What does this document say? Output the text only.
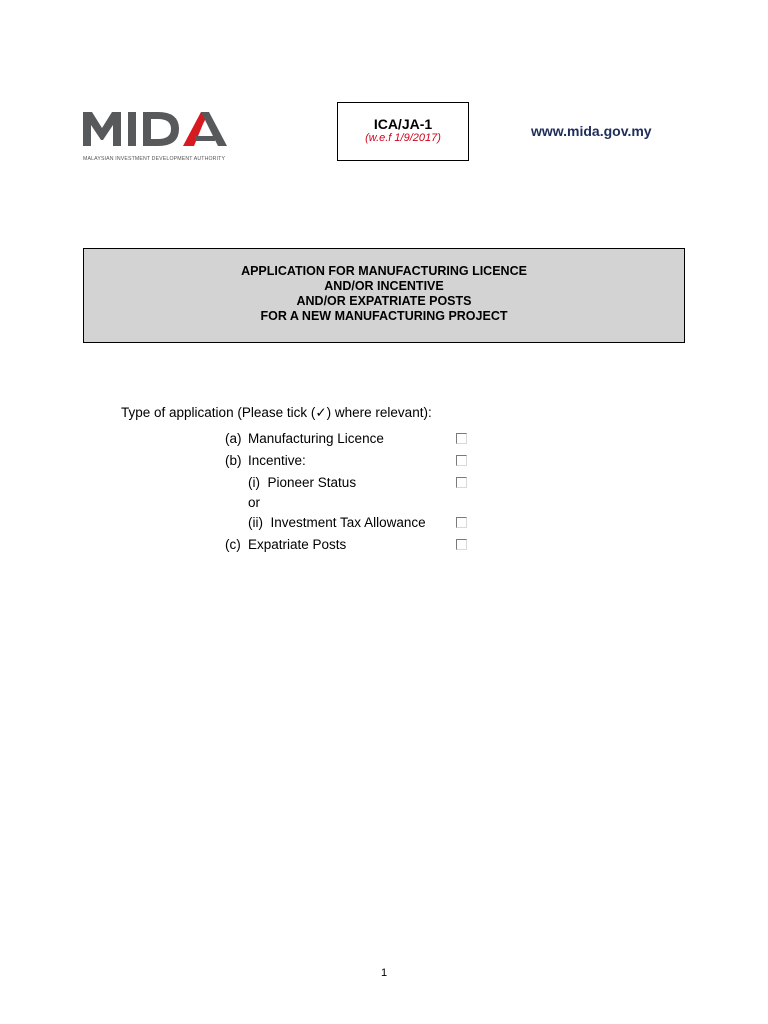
MALAYSIAN INVESTMENT DEVELOPMENT AUTHORITY
ICA/JA-1
(w.e.f 1/9/2017)	www.mida.gov.my
APPLICATION FOR MANUFACTURING LICENCE
AND/OR INCENTIVE
AND/OR EXPATRIATE POSTS
FOR A NEW MANUFACTURING PROJECT
Type of application (Please tick (✓) where relevant):
(a) Manufacturing Licence
(b) Incentive:
(i) Pioneer Status
or
(ii) Investment Tax Allowance
(c) Expatriate Posts
1
